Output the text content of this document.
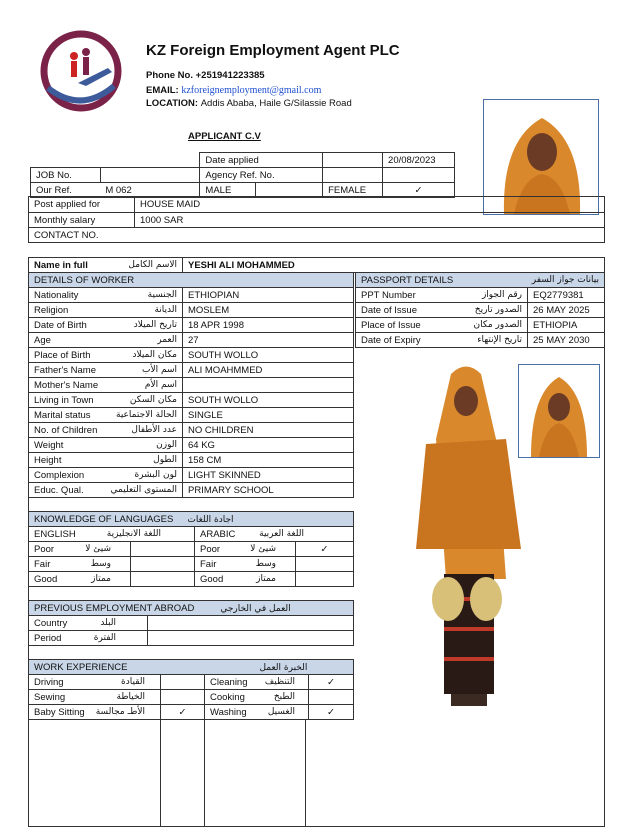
KZ Foreign Employment Agent PLC
Phone No. +251941223385
EMAIL: kzforeignemployment@gmail.com
LOCATION: Addis Ababa, Haile G/Silassie Road
APPLICANT C.V
		Date applied			20/08/2023
JOB No.		Agency Ref. No.			
Our Ref.	M 062	MALE		FEMALE	✓
Post applied for	HOUSE MAID
Monthly salary	1000 SAR
CONTACT NO.	
Name in full	الاسم الكامل	YESHI ALI MOHAMMED
DETAILS OF WORKER	

Nationality الجنسية	ETHIOPIAN

Religion الديانة	MOSLEM

Date of Birth تاريخ الميلاد	18 APR 1998

Age العمر	27

Place of Birth مكان الميلاد	SOUTH WOLLO

Father's Name اسم الأب	ALI MOAHMMED

Mother's Name اسم الأم	

Living in Town مكان السكن	SOUTH WOLLO

Marital status الحالة الاجتماعية	SINGLE

No. of Children عدد الأطفال	NO CHILDREN

Weight الوزن	64 KG

Height الطول	158 CM

Complexion لون البشرة	LIGHT SKINNED

Educ. Qual. المستوى التعليمي	PRIMARY SCHOOL
PASSPORT DETAILS بيانات جواز السفر	

PPT Number رقم الجواز	EQ2779381

Date of Issue الصدور تاريخ	26 MAY 2025

Place of Issue الصدور مكان	ETHIOPIA

Date of Expiry تاريخ الإنتهاء	25 MAY 2030
KNOWLEDGE OF LANGUAGES اجادة اللغات			

ENGLISH اللغة الانجليزية		ARABIC اللغة العربية	

Poor شيئ لا		Poor شيئ لا	✓

Fair وسط		Fair وسط	

Good ممتاز		Good ممتاز	

PREVIOUS EMPLOYMENT ABROAD العمل في الخارجي	

Country البلد	

Period الفترة	

WORK EXPERIENCE الخبرة العمل			

Driving القيادة		Cleaning التنظيف	✓

Sewing الخياطة		Cooking الطبخ	

Baby Sitting الأطـ مجالسة	✓	Washing الغسيل	✓
